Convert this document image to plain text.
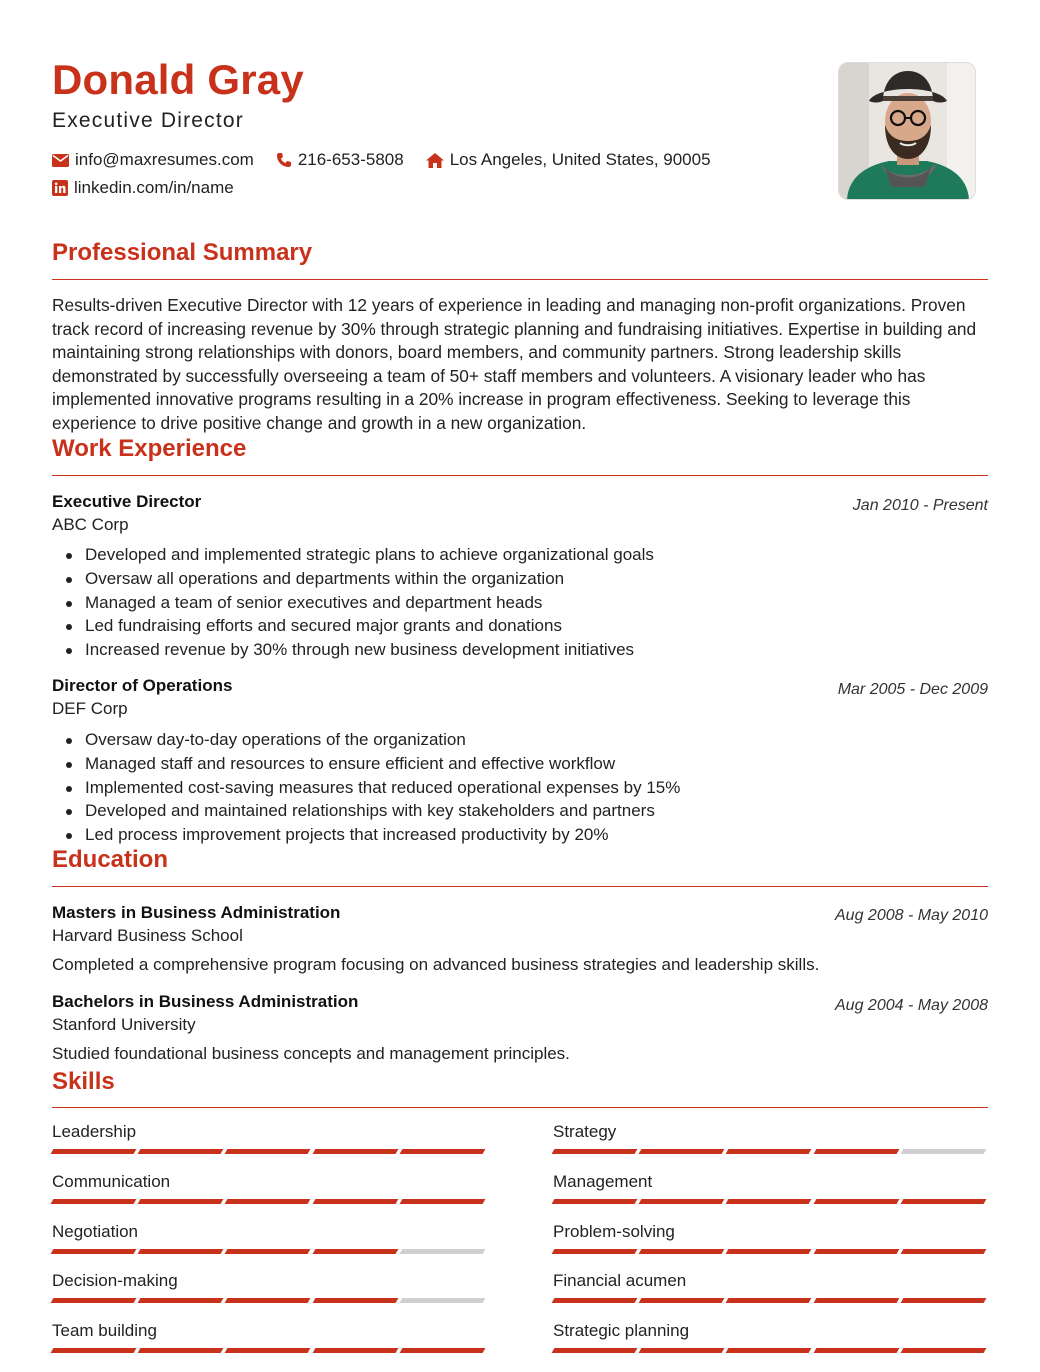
Donald Gray
Executive Director
info@maxresumes.com	216-653-5808	Los Angeles, United States, 90005
linkedin.com/in/name
Professional Summary
Results-driven Executive Director with 12 years of experience in leading and managing non-profit organizations. Proven track record of increasing revenue by 30% through strategic planning and fundraising initiatives. Expertise in building and maintaining strong relationships with donors, board members, and community partners. Strong leadership skills demonstrated by successfully overseeing a team of 50+ staff members and volunteers. A visionary leader who has implemented innovative programs resulting in a 20% increase in program effectiveness. Seeking to leverage this experience to drive positive change and growth in a new organization.
Work Experience
Executive Director	Jan 2010 - Present
ABC Corp
Developed and implemented strategic plans to achieve organizational goals
Oversaw all operations and departments within the organization
Managed a team of senior executives and department heads
Led fundraising efforts and secured major grants and donations
Increased revenue by 30% through new business development initiatives
Director of Operations	Mar 2005 - Dec 2009
DEF Corp
Oversaw day-to-day operations of the organization
Managed staff and resources to ensure efficient and effective workflow
Implemented cost-saving measures that reduced operational expenses by 15%
Developed and maintained relationships with key stakeholders and partners
Led process improvement projects that increased productivity by 20%
Education
Masters in Business Administration	Aug 2008 - May 2010
Harvard Business School
Completed a comprehensive program focusing on advanced business strategies and leadership skills.
Bachelors in Business Administration	Aug 2004 - May 2008
Stanford University
Studied foundational business concepts and management principles.
Skills
Leadership	Strategy
Communication	Management
Negotiation	Problem-solving
Decision-making	Financial acumen
Team building	Strategic planning
